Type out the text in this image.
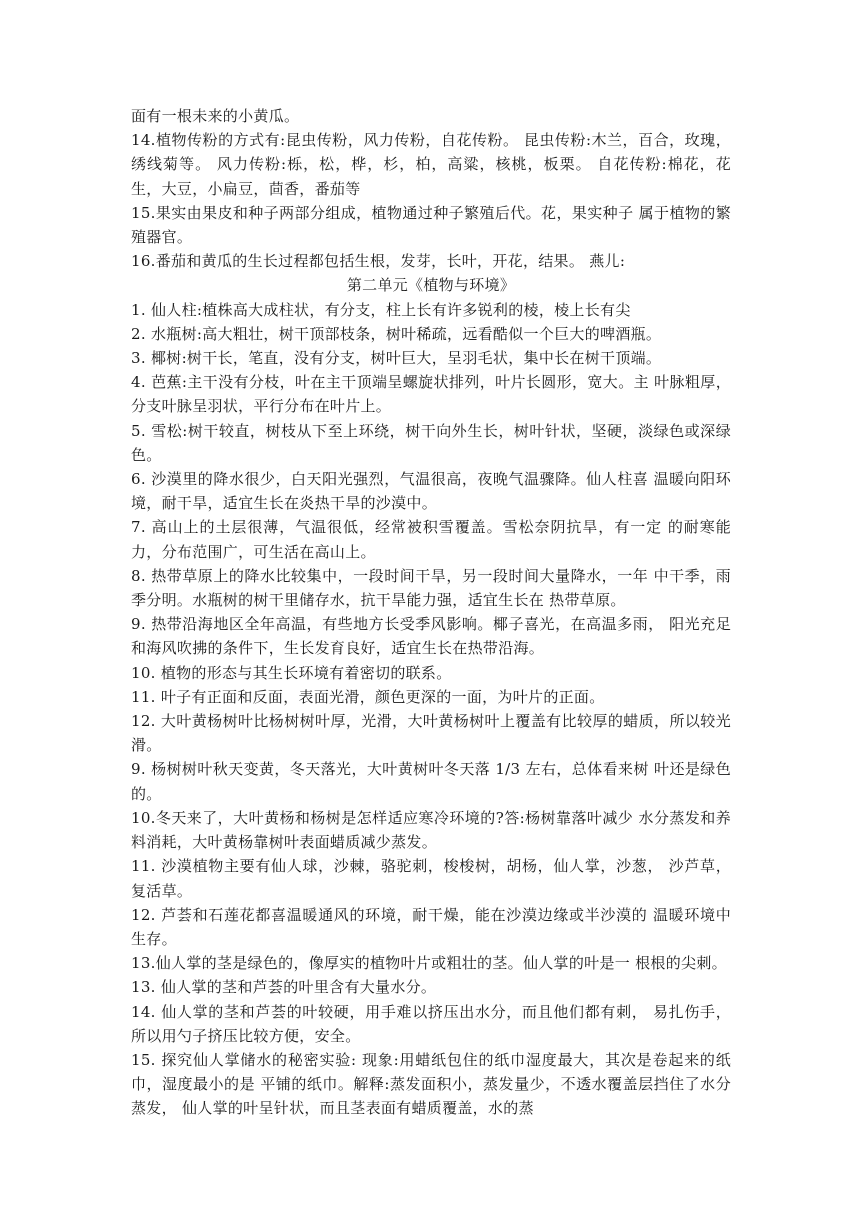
面有一根未来的小黄瓜。

14.植物传粉的方式有:昆虫传粉，风力传粉，自花传粉。 昆虫传粉:木兰，百合，玫瑰，绣线菊等。 风力传粉:栎，松，桦，杉，柏，高粱，核桃，板栗。 自花传粉:棉花，花生，大豆，小扁豆，茴香，番茄等

15.果实由果皮和种子两部分组成，植物通过种子繁殖后代。花，果实种子 属于植物的繁殖器官。

16.番茄和黄瓜的生长过程都包括生根，发芽，长叶，开花，结果。 燕儿:

第二单元《植物与环境》

1. 仙人柱:植株高大成柱状，有分支，柱上长有许多锐利的棱，棱上长有尖

2. 水瓶树:高大粗壮，树干顶部枝条，树叶稀疏，远看酷似一个巨大的啤酒瓶。

3. 椰树:树干长，笔直，没有分支，树叶巨大，呈羽毛状，集中长在树干顶端。

4. 芭蕉:主干没有分枝，叶在主干顶端呈螺旋状排列，叶片长圆形，宽大。主 叶脉粗厚，分支叶脉呈羽状，平行分布在叶片上。

5. 雪松:树干较直，树枝从下至上环绕，树干向外生长，树叶针状，坚硬，淡绿色或深绿色。

6. 沙漠里的降水很少，白天阳光强烈，气温很高，夜晚气温骤降。仙人柱喜 温暖向阳环境，耐干旱，适宜生长在炎热干旱的沙漠中。

7. 高山上的土层很薄，气温很低，经常被积雪覆盖。雪松奈阴抗旱，有一定 的耐寒能力，分布范围广，可生活在高山上。

8. 热带草原上的降水比较集中，一段时间干旱，另一段时间大量降水，一年 中干季，雨季分明。水瓶树的树干里储存水，抗干旱能力强，适宜生长在 热带草原。

9. 热带沿海地区全年高温，有些地方长受季风影响。椰子喜光，在高温多雨， 阳光充足和海风吹拂的条件下，生长发育良好，适宜生长在热带沿海。

10. 植物的形态与其生长环境有着密切的联系。

11. 叶子有正面和反面，表面光滑，颜色更深的一面，为叶片的正面。

12. 大叶黄杨树叶比杨树树叶厚，光滑，大叶黄杨树叶上覆盖有比较厚的蜡质，所以较光滑。

9. 杨树树叶秋天变黄，冬天落光，大叶黄树叶冬天落 1/3 左右，总体看来树 叶还是绿色的。

10.冬天来了，大叶黄杨和杨树是怎样适应寒冷环境的?答:杨树靠落叶减少 水分蒸发和养料消耗，大叶黄杨靠树叶表面蜡质减少蒸发。

11. 沙漠植物主要有仙人球，沙棘，骆驼刺，梭梭树，胡杨，仙人掌，沙葱， 沙芦草，复活草。

12. 芦荟和石莲花都喜温暖通风的环境，耐干燥，能在沙漠边缘或半沙漠的 温暖环境中生存。

13.仙人掌的茎是绿色的，像厚实的植物叶片或粗壮的茎。仙人掌的叶是一 根根的尖刺。

13. 仙人掌的茎和芦荟的叶里含有大量水分。

14. 仙人掌的茎和芦荟的叶较硬，用手难以挤压出水分，而且他们都有刺， 易扎伤手，所以用勺子挤压比较方便，安全。

15. 探究仙人掌储水的秘密实验: 现象:用蜡纸包住的纸巾湿度最大，其次是卷起来的纸巾，湿度最小的是 平铺的纸巾。解释:蒸发面积小，蒸发量少，不透水覆盖层挡住了水分蒸发， 仙人掌的叶呈针状，而且茎表面有蜡质覆盖，水的蒸
